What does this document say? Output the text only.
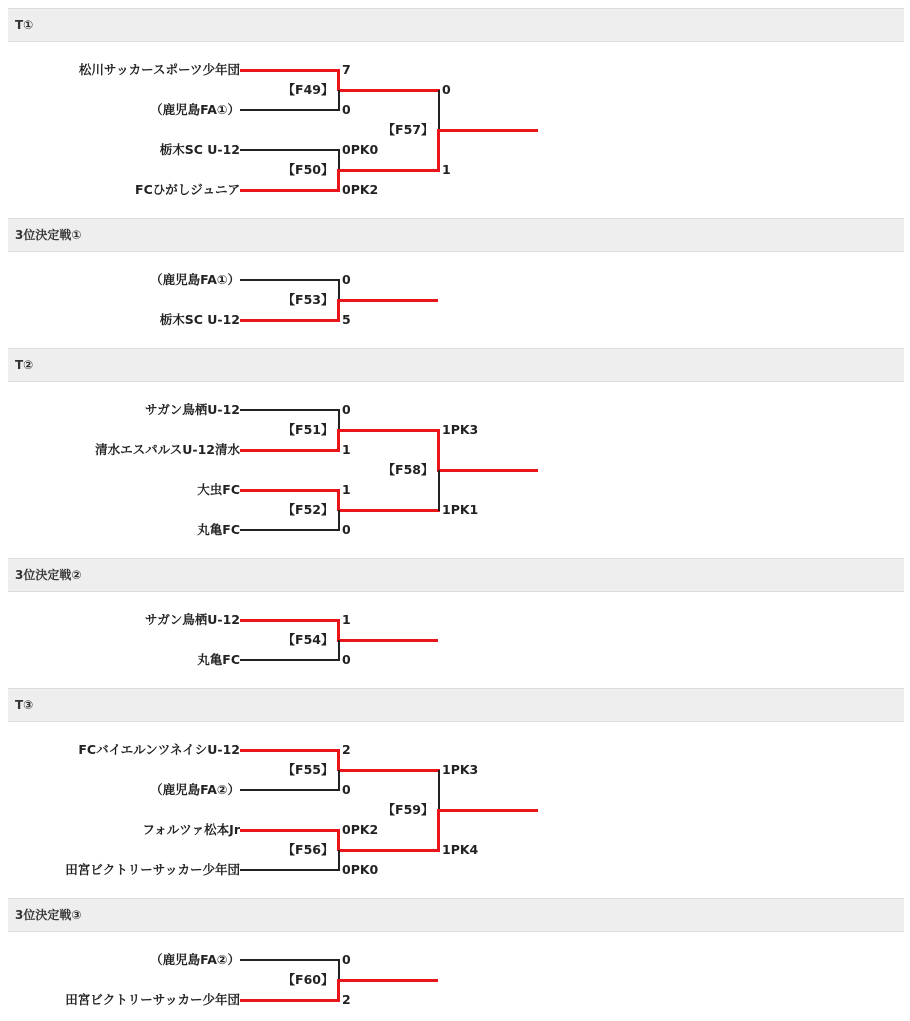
T①
松川サッカースポーツ少年団
（鹿児島FA①）
栃木SC U-12
FCひがしジュニア
【F49】
【F50】
【F57】
7
0
0PK0
0PK2
0
1
3位決定戦①
（鹿児島FA①）
栃木SC U-12
【F53】
0
5
T②
サガン鳥栖U-12
清水エスパルスU-12清水
大虫FC
丸亀FC
【F51】
【F52】
【F58】
0
1
1
0
1PK3
1PK1
3位決定戦②
サガン鳥栖U-12
丸亀FC
【F54】
1
0
T③
FCバイエルンツネイシU-12
（鹿児島FA②）
フォルツァ松本Jr
田宮ビクトリーサッカー少年団
【F55】
【F56】
【F59】
2
0
0PK2
0PK0
1PK3
1PK4
3位決定戦③
（鹿児島FA②）
田宮ビクトリーサッカー少年団
【F60】
0
2
